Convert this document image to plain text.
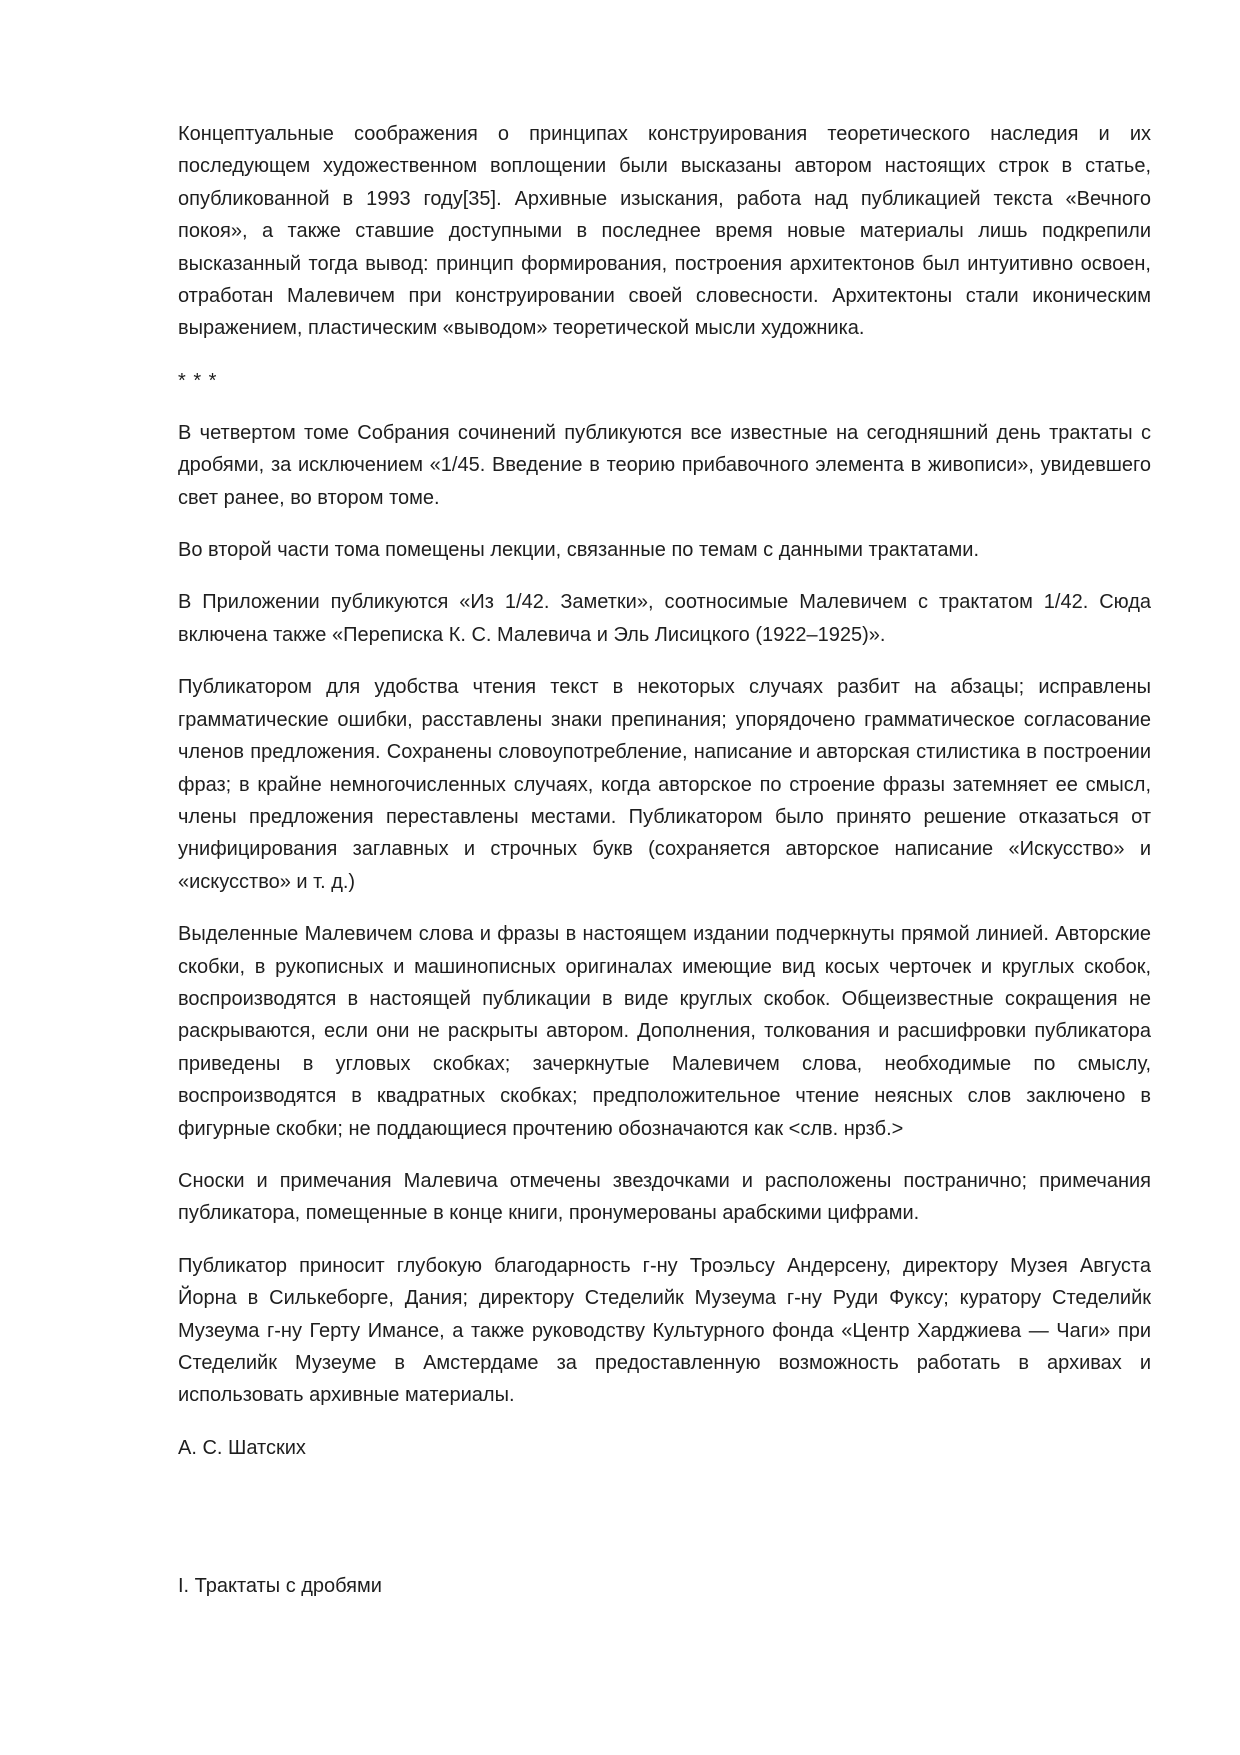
Концептуальные соображения о принципах конструирования теоретического наследия и их последующем художественном воплощении были высказаны автором настоящих строк в статье, опубликованной в 1993 году[35]. Архивные изыскания, работа над публикацией текста «Вечного покоя», а также ставшие доступными в последнее время новые материалы лишь подкрепили высказанный тогда вывод: принцип формирования, построения архитектонов был интуитивно освоен, отработан Малевичем при конструировании своей словесности. Архитектоны стали иконическим выражением, пластическим «выводом» теоретической мысли художника.

* * *

В четвертом томе Собрания сочинений публикуются все известные на сегодняшний день трактаты с дробями, за исключением «1/45. Введение в теорию прибавочного элемента в живописи», увидевшего свет ранее, во втором томе.

Во второй части тома помещены лекции, связанные по темам с данными трактатами.

В Приложении публикуются «Из 1/42. Заметки», соотносимые Малевичем с трактатом 1/42. Сюда включена также «Переписка К. С. Малевича и Эль Лисицкого (1922–1925)».

Публикатором для удобства чтения текст в некоторых случаях разбит на абзацы; исправлены грамматические ошибки, расставлены знаки препинания; упорядочено грамматическое согласование членов предложения. Сохранены словоупотребление, написание и авторская стилистика в построении фраз; в крайне немногочисленных случаях, когда авторское по строение фразы затемняет ее смысл, члены предложения переставлены местами. Публикатором было принято решение отказаться от унифицирования заглавных и строчных букв (сохраняется авторское написание «Искусство» и «искусство» и т. д.)

Выделенные Малевичем слова и фразы в настоящем издании подчеркнуты прямой линией. Авторские скобки, в рукописных и машинописных оригиналах имеющие вид косых черточек и круглых скобок, воспроизводятся в настоящей публикации в виде круглых скобок. Общеизвестные сокращения не раскрываются, если они не раскрыты автором. Дополнения, толкования и расшифровки публикатора приведены в угловых скобках; зачеркнутые Малевичем слова, необходимые по смыслу, воспроизводятся в квадратных скобках; предположительное чтение неясных слов заключено в фигурные скобки; не поддающиеся прочтению обозначаются как <слв. нрзб.>

Сноски и примечания Малевича отмечены звездочками и расположены постранично; примечания публикатора, помещенные в конце книги, пронумерованы арабскими цифрами.

Публикатор приносит глубокую благодарность г-ну Троэльсу Андерсену, директору Музея Августа Йорна в Силькеборге, Дания; директору Стеделийк Музеума г-ну Руди Фуксу; куратору Стеделийк Музеума г-ну Герту Имансе, а также руководству Культурного фонда «Центр Харджиева — Чаги» при Стеделийк Музеуме в Амстердаме за предоставленную возможность работать в архивах и использовать архивные материалы.

А. С. Шатских

I. Трактаты с дробями
